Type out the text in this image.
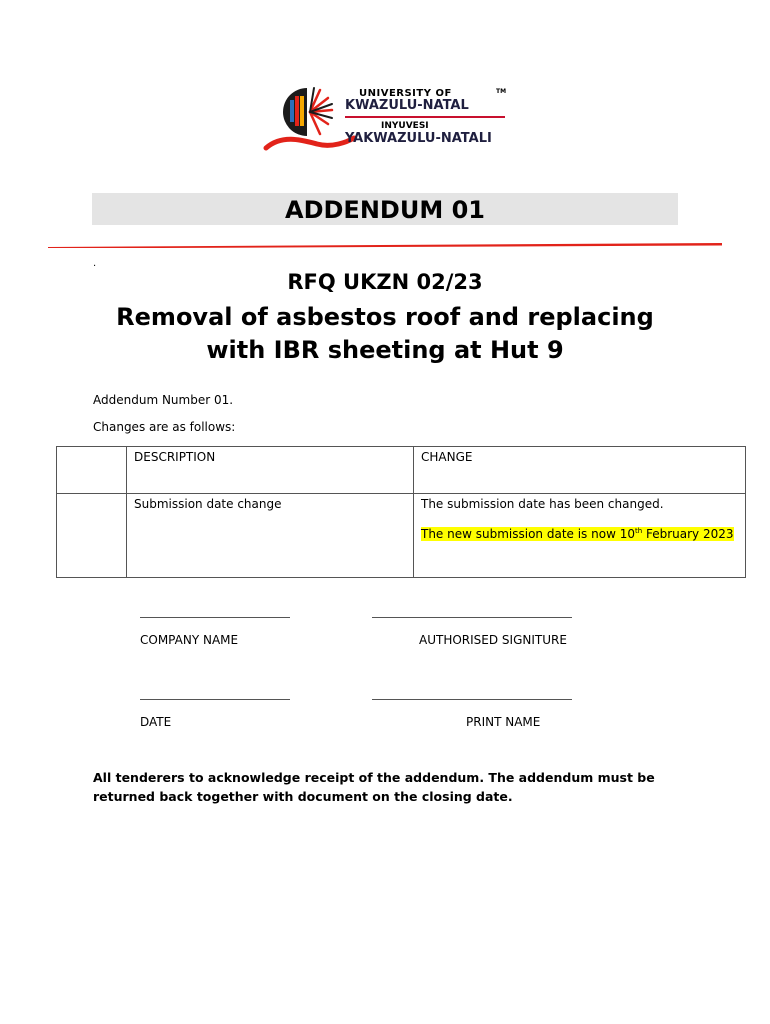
UNIVERSITY OF
KWAZULU-NATAL
INYUVESI
YAKWAZULU-NATALI
TM
ADDENDUM 01
.
RFQ UKZN 02/23
Removal of asbestos roof and replacing with IBR sheeting at Hut 9
Addendum Number 01.
Changes are as follows:
	DESCRIPTION	CHANGE
	Submission date change	The submission date has been changed.

The new submission date is now 10th February 2023

COMPANY NAME	AUTHORISED SIGNITURE
DATE	PRINT NAME
All tenderers to acknowledge receipt of the addendum. The addendum must be returned back together with document on the closing date.
